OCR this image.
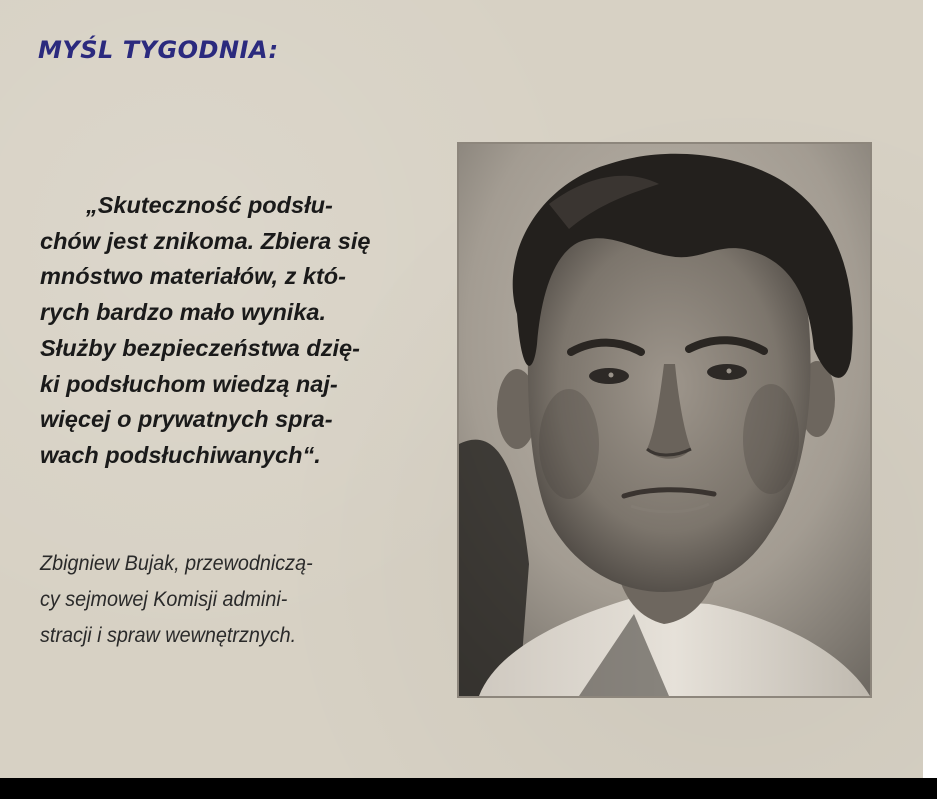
MYŚL TYGODNIA:

„Skuteczność podsłu-
chów jest znikoma. Zbiera się
mnóstwo materiałów, z któ-
rych bardzo mało wynika.
Służby bezpieczeństwa dzię-
ki podsłuchom wiedzą naj-
więcej o prywatnych spra-
wach podsłuchiwanych“.

Zbigniew Bujak, przewodniczą-
cy sejmowej Komisji admini-
stracji i spraw wewnętrznych.
